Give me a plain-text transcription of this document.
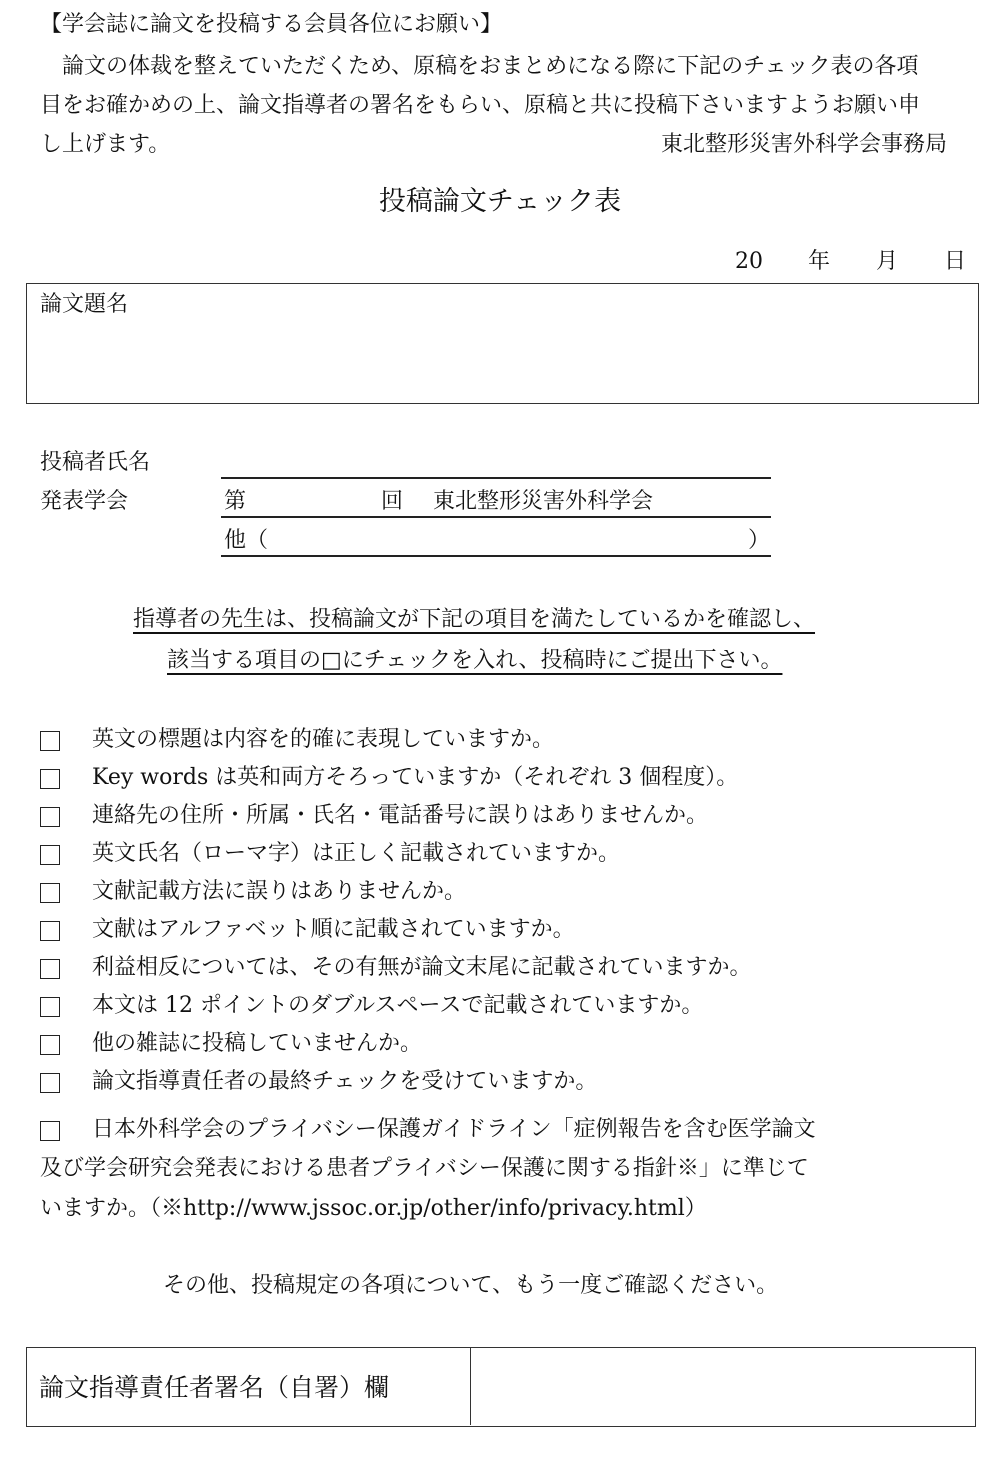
【学会誌に論文を投稿する会員各位にお願い】
論文の体裁を整えていただくため、原稿をおまとめになる際に下記のチェック表の各項
目をお確かめの上、論文指導者の署名をもらい、原稿と共に投稿下さいますようお願い申
し上げます。	東北整形災害外科学会事務局
投稿論文チェック表
20 年 月 日
論文題名
投稿者氏名
発表学会	第	回 東北整形災害外科学会
他（	）
指導者の先生は、投稿論文が下記の項目を満たしているかを確認し、
該当する項目の□にチェックを入れ、投稿時にご提出下さい。
英文の標題は内容を的確に表現していますか。
Key words は英和両方そろっていますか（それぞれ 3 個程度）。
連絡先の住所・所属・氏名・電話番号に誤りはありませんか。
英文氏名（ローマ字）は正しく記載されていますか。
文献記載方法に誤りはありませんか。
文献はアルファベット順に記載されていますか。
利益相反については、その有無が論文末尾に記載されていますか。
本文は 12 ポイントのダブルスペースで記載されていますか。
他の雑誌に投稿していませんか。
論文指導責任者の最終チェックを受けていますか。
日本外科学会のプライバシー保護ガイドライン「症例報告を含む医学論文
及び学会研究会発表における患者プライバシー保護に関する指針※」に準じて
いますか。（※http://www.jssoc.or.jp/other/info/privacy.html）
その他、投稿規定の各項について、もう一度ご確認ください。
論文指導責任者署名（自署）欄
